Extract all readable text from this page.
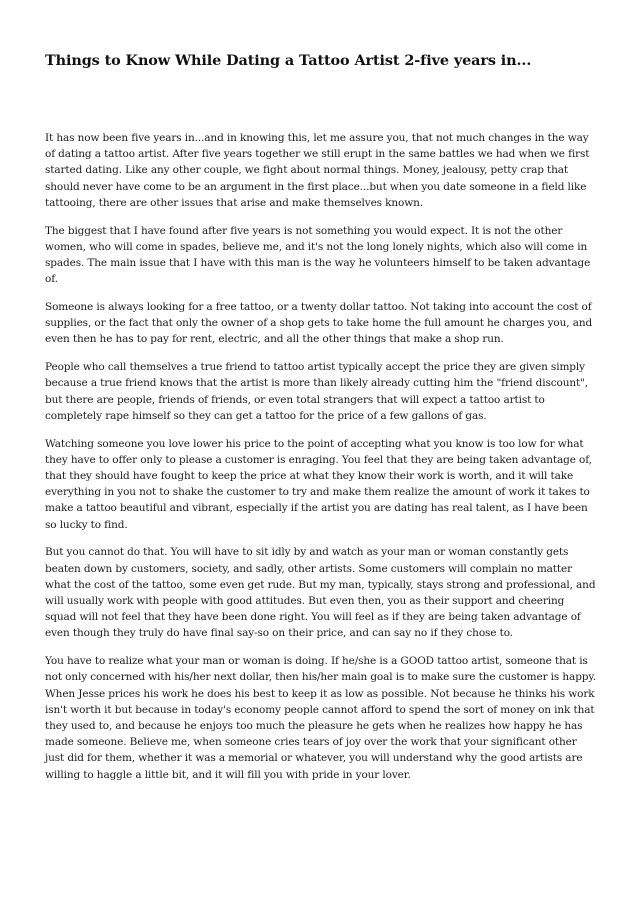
Things to Know While Dating a Tattoo Artist 2-five years in...

It has now been five years in...and in knowing this, let me assure you, that not much changes in the way of dating a tattoo artist. After five years together we still erupt in the same battles we had when we first started dating. Like any other couple, we fight about normal things. Money, jealousy, petty crap that should never have come to be an argument in the first place...but when you date someone in a field like tattooing, there are other issues that arise and make themselves known.

The biggest that I have found after five years is not something you would expect. It is not the other women, who will come in spades, believe me, and it's not the long lonely nights, which also will come in spades. The main issue that I have with this man is the way he volunteers himself to be taken advantage of.

Someone is always looking for a free tattoo, or a twenty dollar tattoo. Not taking into account the cost of supplies, or the fact that only the owner of a shop gets to take home the full amount he charges you, and even then he has to pay for rent, electric, and all the other things that make a shop run.

People who call themselves a true friend to tattoo artist typically accept the price they are given simply because a true friend knows that the artist is more than likely already cutting him the "friend discount", but there are people, friends of friends, or even total strangers that will expect a tattoo artist to completely rape himself so they can get a tattoo for the price of a few gallons of gas.

Watching someone you love lower his price to the point of accepting what you know is too low for what they have to offer only to please a customer is enraging. You feel that they are being taken advantage of, that they should have fought to keep the price at what they know their work is worth, and it will take everything in you not to shake the customer to try and make them realize the amount of work it takes to make a tattoo beautiful and vibrant, especially if the artist you are dating has real talent, as I have been so lucky to find.

But you cannot do that. You will have to sit idly by and watch as your man or woman constantly gets beaten down by customers, society, and sadly, other artists. Some customers will complain no matter what the cost of the tattoo, some even get rude. But my man, typically, stays strong and professional, and will usually work with people with good attitudes. But even then, you as their support and cheering squad will not feel that they have been done right. You will feel as if they are being taken advantage of even though they truly do have final say-so on their price, and can say no if they chose to.

You have to realize what your man or woman is doing. If he/she is a GOOD tattoo artist, someone that is not only concerned with his/her next dollar, then his/her main goal is to make sure the customer is happy. When Jesse prices his work he does his best to keep it as low as possible. Not because he thinks his work isn't worth it but because in today's economy people cannot afford to spend the sort of money on ink that they used to, and because he enjoys too much the pleasure he gets when he realizes how happy he has made someone. Believe me, when someone cries tears of joy over the work that your significant other just did for them, whether it was a memorial or whatever, you will understand why the good artists are willing to haggle a little bit, and it will fill you with pride in your lover.
